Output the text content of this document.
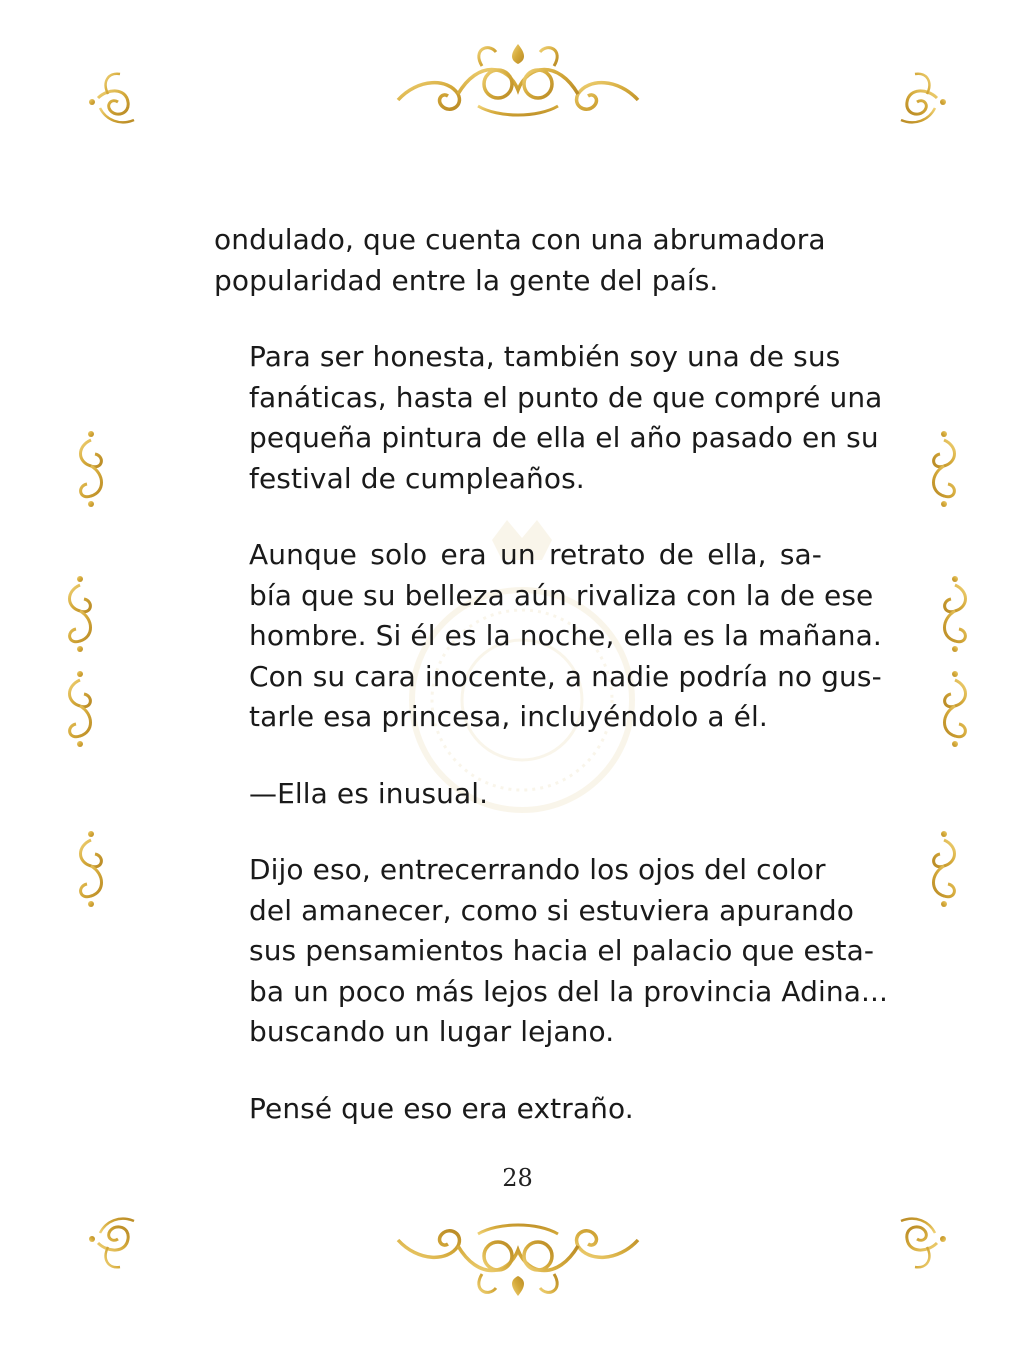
ondulado, que cuenta con una abrumadora
popularidad entre la gente del país.

Para ser honesta, también soy una de sus
fanáticas, hasta el punto de que compré una
pequeña pintura de ella el año pasado en su
festival de cumpleaños.

Aunque solo era un retrato de ella, sa-
bía que su belleza aún rivaliza con la de ese
hombre. Si él es la noche, ella es la mañana.
Con su cara inocente, a nadie podría no gus-
tarle esa princesa, incluyéndolo a él.

—Ella es inusual.

Dijo eso, entrecerrando los ojos del color
del amanecer, como si estuviera apurando
sus pensamientos hacia el palacio que esta-
ba un poco más lejos del la provincia Adina...
buscando un lugar lejano.

Pensé que eso era extraño.

28
